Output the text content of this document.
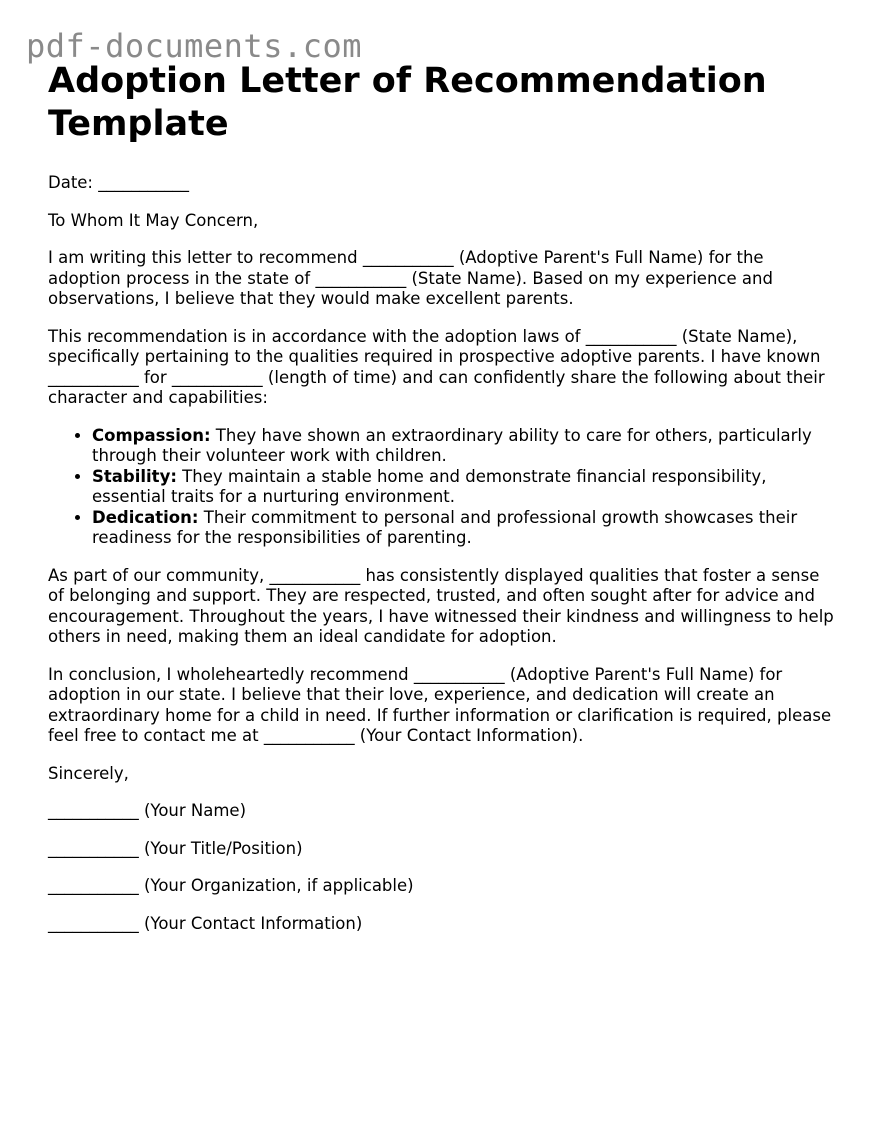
pdf-documents.com
Adoption Letter of Recommendation Template

Date: ___________

To Whom It May Concern,

I am writing this letter to recommend ___________ (Adoptive Parent's Full Name) for the adoption process in the state of ___________ (State Name). Based on my experience and observations, I believe that they would make excellent parents.

This recommendation is in accordance with the adoption laws of ___________ (State Name), specifically pertaining to the qualities required in prospective adoptive parents. I have known ___________ for ___________ (length of time) and can confidently share the following about their character and capabilities:

• Compassion: They have shown an extraordinary ability to care for others, particularly through their volunteer work with children.
• Stability: They maintain a stable home and demonstrate financial responsibility, essential traits for a nurturing environment.
• Dedication: Their commitment to personal and professional growth showcases their readiness for the responsibilities of parenting.

As part of our community, ___________ has consistently displayed qualities that foster a sense of belonging and support. They are respected, trusted, and often sought after for advice and encouragement. Throughout the years, I have witnessed their kindness and willingness to help others in need, making them an ideal candidate for adoption.

In conclusion, I wholeheartedly recommend ___________ (Adoptive Parent's Full Name) for adoption in our state. I believe that their love, experience, and dedication will create an extraordinary home for a child in need. If further information or clarification is required, please feel free to contact me at ___________ (Your Contact Information).

Sincerely,

___________ (Your Name)

___________ (Your Title/Position)

___________ (Your Organization, if applicable)

___________ (Your Contact Information)
